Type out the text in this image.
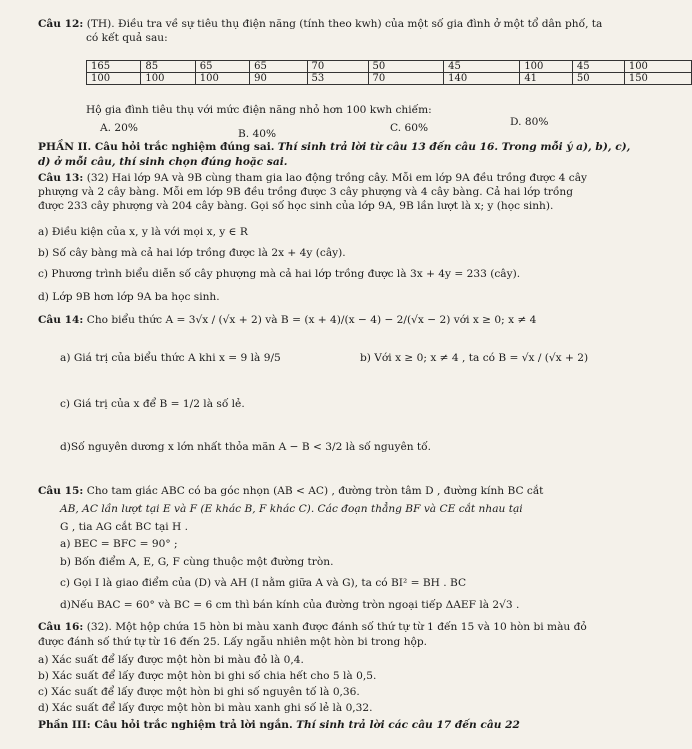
Câu 12: (TH). Điều tra về sự tiêu thụ điện năng (tính theo kwh) của một số gia đình ở một tổ dân phố, ta
có kết quả sau:
165	85	65	65	70	50	45	100	45	100
100	100	100	90	53	70	140	41	50	150
Hộ gia đình tiêu thụ với mức điện năng nhỏ hơn 100 kwh chiếm:
A. 20%	B. 40%	C. 60%	D. 80%
PHẦN II. Câu hỏi trắc nghiệm đúng sai. Thí sinh trả lời từ câu 13 đến câu 16. Trong mỗi ý a), b), c),
d) ở mỗi câu, thí sinh chọn đúng hoặc sai.
Câu 13: (32) Hai lớp 9A và 9B cùng tham gia lao động trồng cây. Mỗi em lớp 9A đều trồng được 4 cây
phượng và 2 cây bàng. Mỗi em lớp 9B đều trồng được 3 cây phượng và 4 cây bàng. Cả hai lớp trồng
được 233 cây phượng và 204 cây bàng. Gọi số học sinh của lớp 9A, 9B lần lượt là x; y (học sinh).
a) Điều kiện của x, y là với mọi x, y ∈ R
b) Số cây bàng mà cả hai lớp trồng được là 2x + 4y (cây).
c) Phương trình biểu diễn số cây phượng mà cả hai lớp trồng được là 3x + 4y = 233 (cây).
d) Lớp 9B hơn lớp 9A ba học sinh.
Câu 14: Cho biểu thức A = 3√x / (√x + 2) và B = (x + 4)/(x − 4) − 2/(√x − 2) với x ≥ 0; x ≠ 4
a) Giá trị của biểu thức A khi x = 9 là 9/5	b) Với x ≥ 0; x ≠ 4 , ta có B = √x / (√x + 2)
c) Giá trị của x để B = 1/2 là số lẻ.
d)Số nguyên dương x lớn nhất thỏa mãn A − B < 3/2 là số nguyên tố.
Câu 15: Cho tam giác ABC có ba góc nhọn (AB < AC) , đường tròn tâm D , đường kính BC cắt
AB, AC lần lượt tại E và F (E khác B, F khác C). Các đoạn thẳng BF và CE cắt nhau tại
G , tia AG cắt BC tại H .
a) BEC = BFC = 90° ;
b) Bốn điểm A, E, G, F cùng thuộc một đường tròn.
c) Gọi I là giao điểm của (D) và AH (I nằm giữa A và G), ta có BI² = BH . BC
d)Nếu BAC = 60° và BC = 6 cm thì bán kính của đường tròn ngoại tiếp ΔAEF là 2√3 .
Câu 16: (32). Một hộp chứa 15 hòn bi màu xanh được đánh số thứ tự từ 1 đến 15 và 10 hòn bi màu đỏ
được đánh số thứ tự từ 16 đến 25. Lấy ngẫu nhiên một hòn bi trong hộp.
a) Xác suất để lấy được một hòn bi màu đỏ là 0,4.
b) Xác suất để lấy được một hòn bi ghi số chia hết cho 5 là 0,5.
c) Xác suất để lấy được một hòn bi ghi số nguyên tố là 0,36.
d) Xác suất để lấy được một hòn bi màu xanh ghi số lẻ là 0,32.
Phần III: Câu hỏi trắc nghiệm trả lời ngắn. Thí sinh trả lời các câu 17 đến câu 22
